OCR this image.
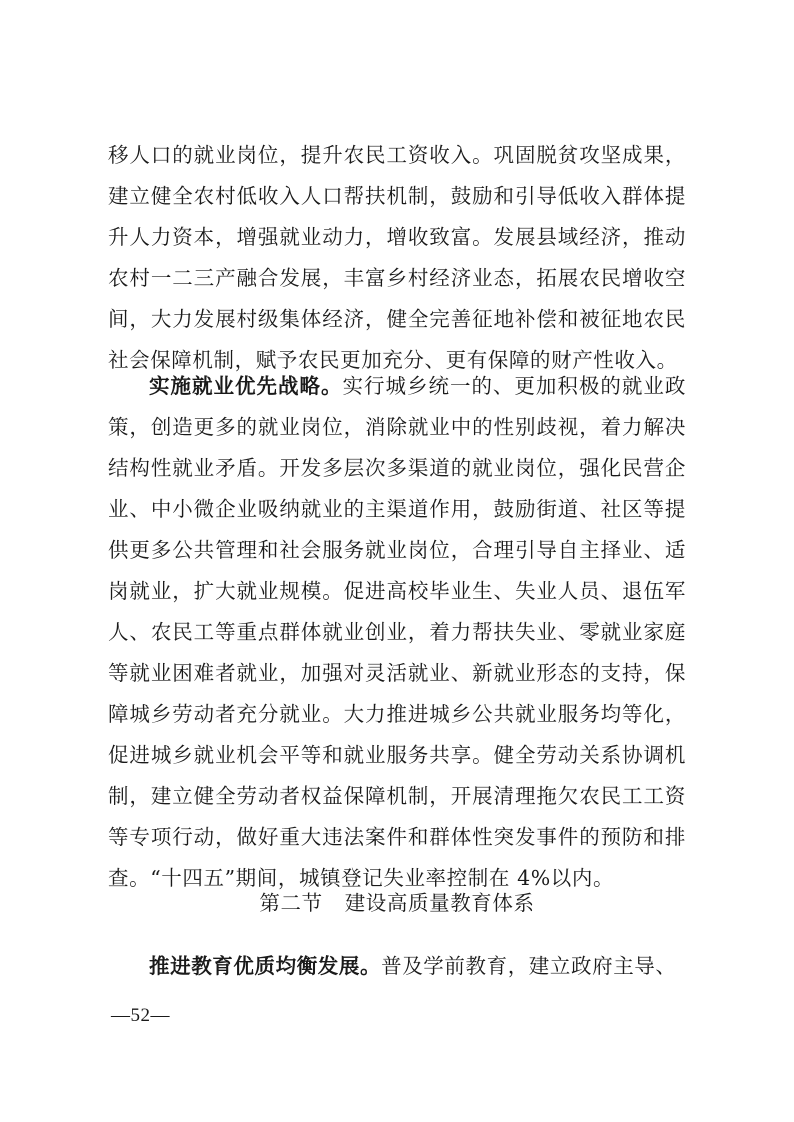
移人口的就业岗位，提升农民工资收入。巩固脱贫攻坚成果，建立健全农村低收入人口帮扶机制，鼓励和引导低收入群体提升人力资本，增强就业动力，增收致富。发展县域经济，推动农村一二三产融合发展，丰富乡村经济业态，拓展农民增收空间，大力发展村级集体经济，健全完善征地补偿和被征地农民社会保障机制，赋予农民更加充分、更有保障的财产性收入。
实施就业优先战略。实行城乡统一的、更加积极的就业政策，创造更多的就业岗位，消除就业中的性别歧视，着力解决结构性就业矛盾。开发多层次多渠道的就业岗位，强化民营企业、中小微企业吸纳就业的主渠道作用，鼓励街道、社区等提供更多公共管理和社会服务就业岗位，合理引导自主择业、适岗就业，扩大就业规模。促进高校毕业生、失业人员、退伍军人、农民工等重点群体就业创业，着力帮扶失业、零就业家庭等就业困难者就业，加强对灵活就业、新就业形态的支持，保障城乡劳动者充分就业。大力推进城乡公共就业服务均等化，促进城乡就业机会平等和就业服务共享。健全劳动关系协调机制，建立健全劳动者权益保障机制，开展清理拖欠农民工工资等专项行动，做好重大违法案件和群体性突发事件的预防和排查。“十四五”期间，城镇登记失业率控制在 4%以内。
第二节 建设高质量教育体系
推进教育优质均衡发展。普及学前教育，建立政府主导、
—52—
